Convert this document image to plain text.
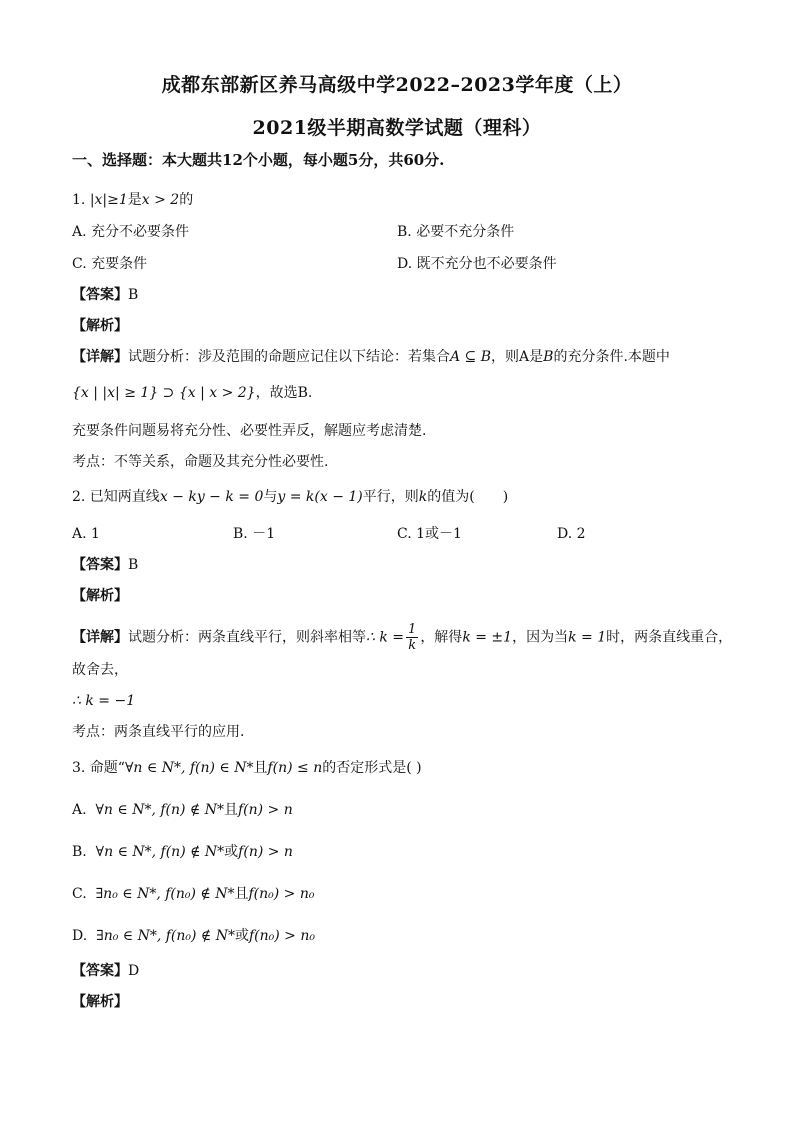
成都东部新区养马高级中学2022–2023学年度（上）
2021级半期高数学试题（理科）
一、选择题：本大题共12个小题，每小题5分，共60分.
1. |x|≥1是x > 2的
A. 充分不必要条件	B. 必要不充分条件
C. 充要条件	D. 既不充分也不必要条件
【答案】B
【解析】
【详解】试题分析：涉及范围的命题应记住以下结论：若集合A ⊆ B，则A是B的充分条件.本题中
{x | |x| ≥ 1} ⊃ {x | x > 2}，故选B.
充要条件问题易将充分性、必要性弄反，解题应考虑清楚.
考点：不等关系，命题及其充分性必要性.
2. 已知两直线x − ky − k = 0与y = k(x − 1)平行，则k的值为(　　)
A. 1	B. －1	C. 1或－1	D. 2
【答案】B
【解析】
【详解】试题分析：两条直线平行，则斜率相等∴ $k = \frac{1}{k}$ ，解得k = ±1，因为当k = 1时，两条直线重合，
故舍去，
∴ k = −1
考点：两条直线平行的应用.
3. 命题“∀n ∈ N*, f(n) ∈ N*且f(n) ≤ n的否定形式是( )
A. ∀n ∈ N*, f(n) ∉ N*且f(n) > n
B. ∀n ∈ N*, f(n) ∉ N*或f(n) > n
C. ∃n₀ ∈ N*, f(n₀) ∉ N*且f(n₀) > n₀
D. ∃n₀ ∈ N*, f(n₀) ∉ N*或f(n₀) > n₀
【答案】D
【解析】
